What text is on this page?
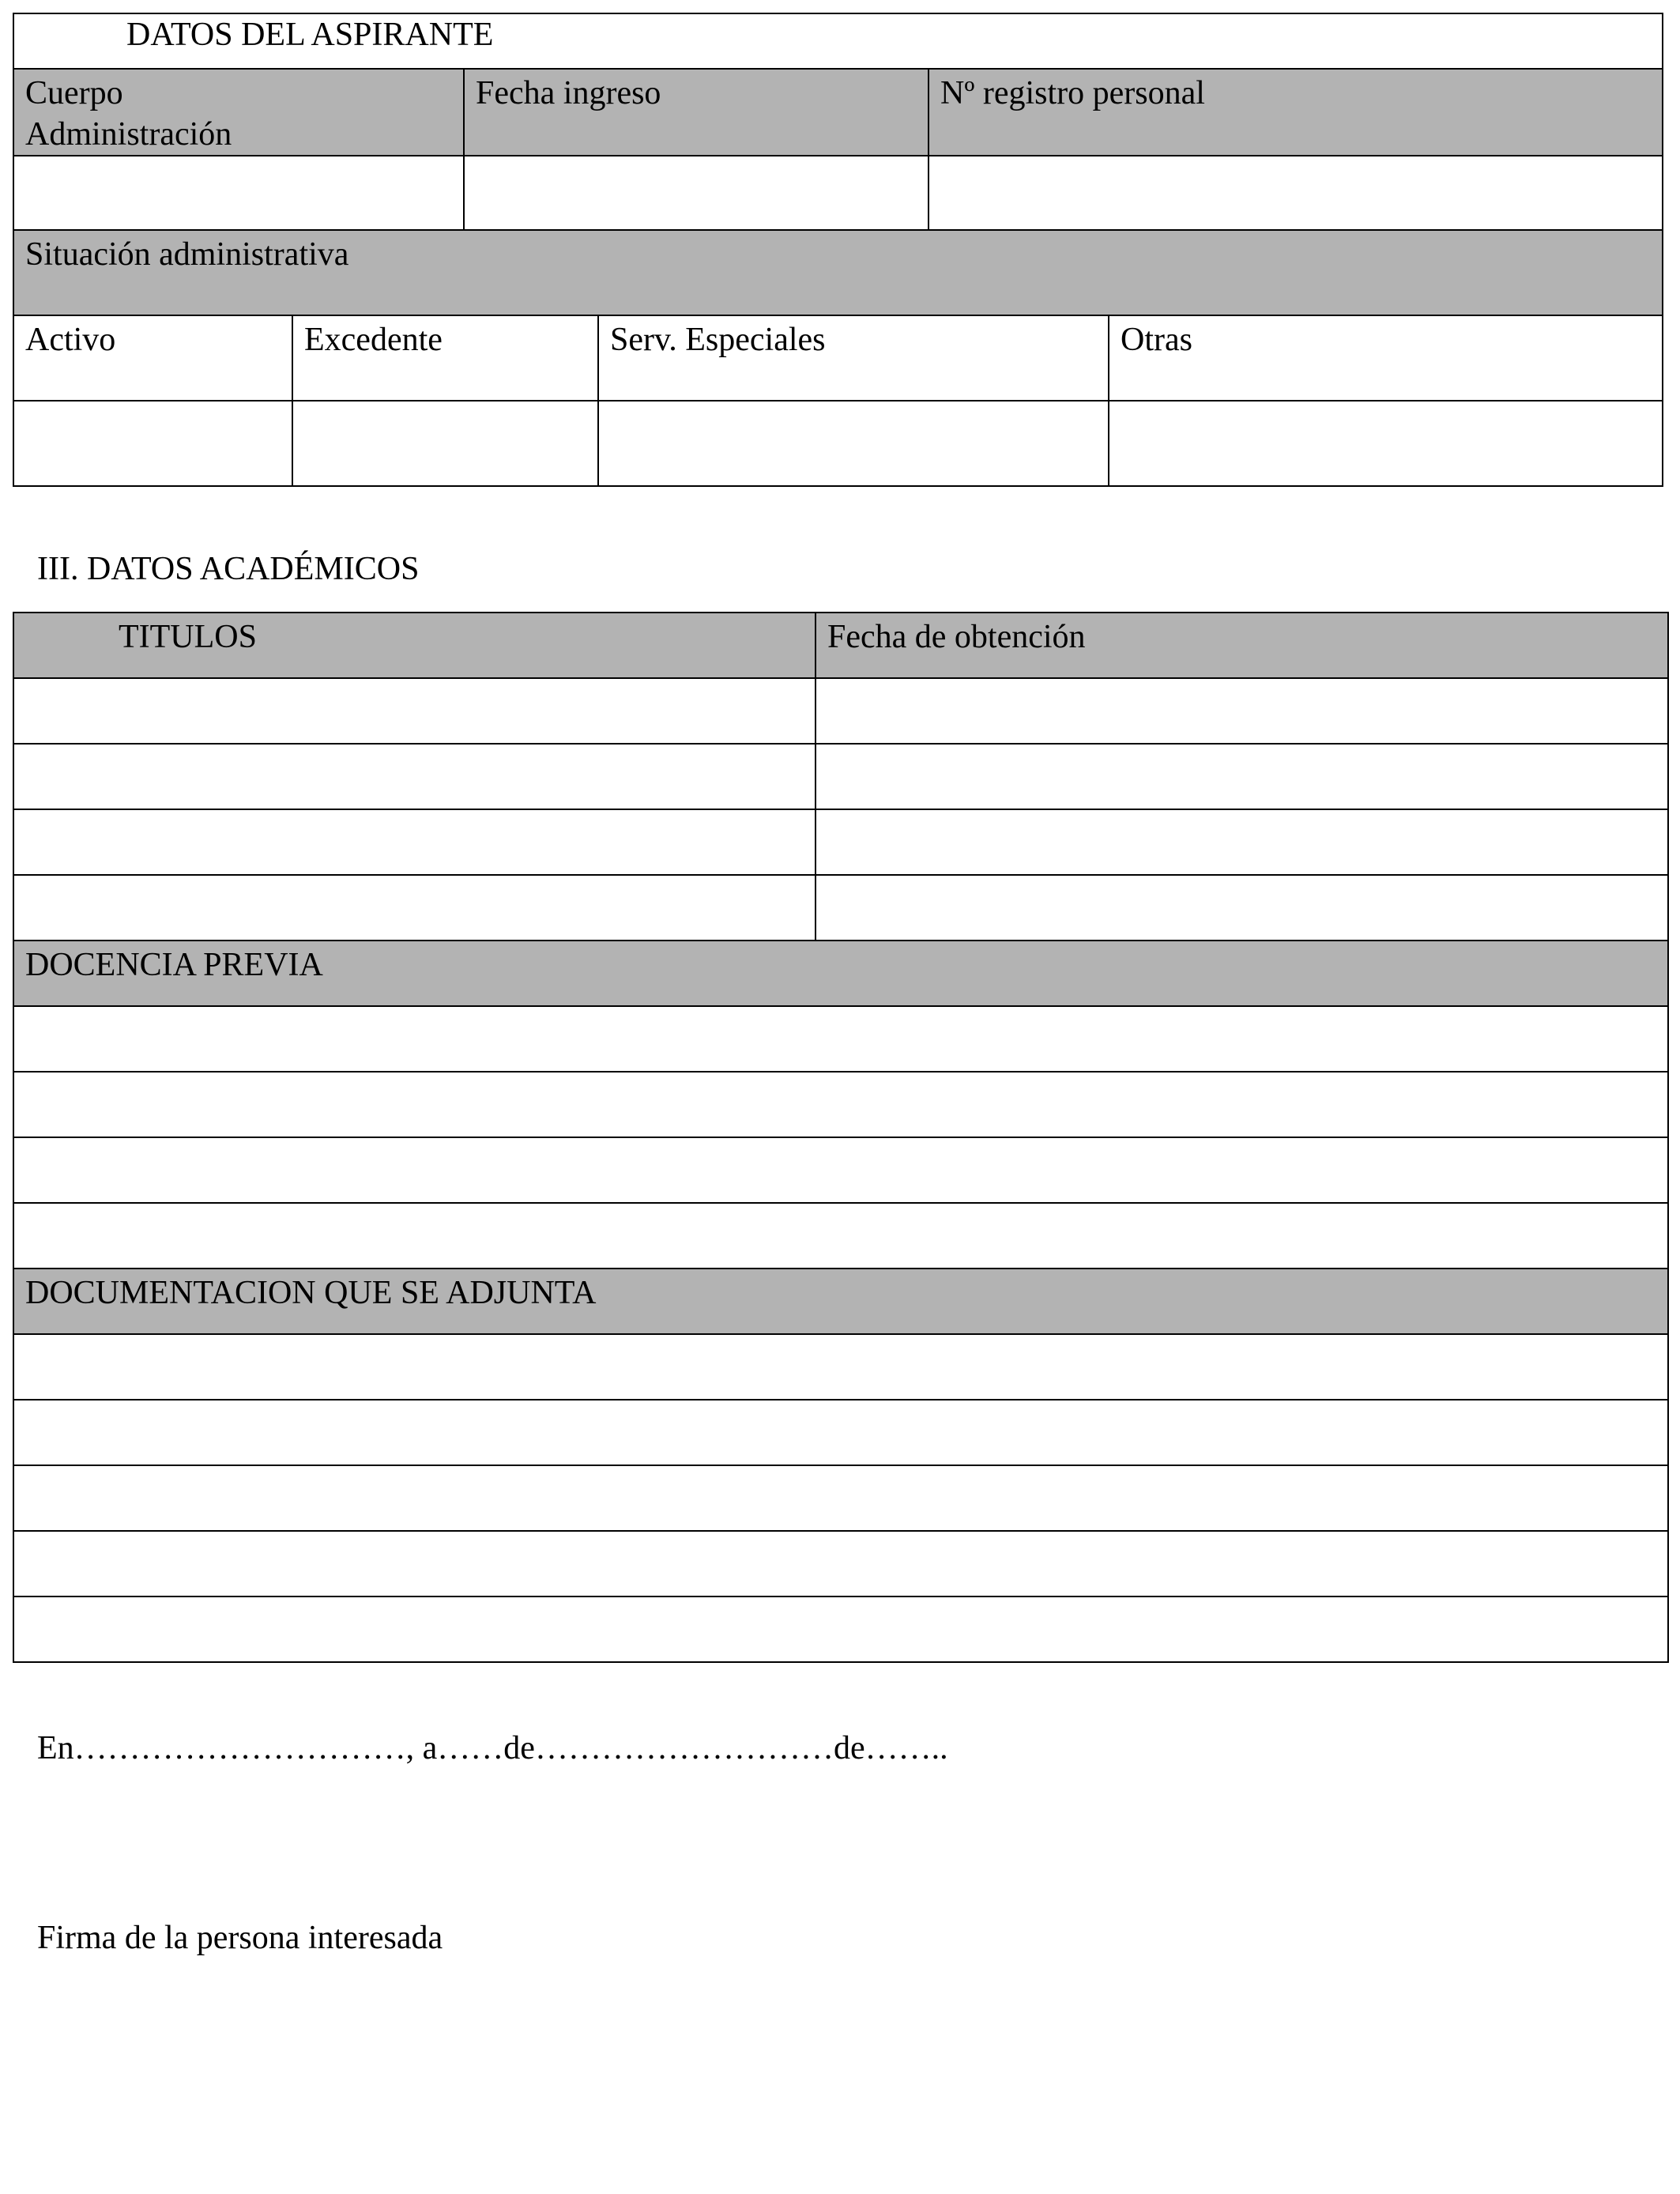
DATOS DEL ASPIRANTE					

Cuerpo
Administración		Fecha ingreso		Nº registro personal	

Situación administrativa					

Activo	Excedente		Serv. Especiales		Otras

III. DATOS ACADÉMICOS
TITULOS	Fecha de obtención

DOCENCIA PREVIA	

DOCUMENTACION QUE SE ADJUNTA	

En…………………………, a……de………………………de……..
Firma de la persona interesada
